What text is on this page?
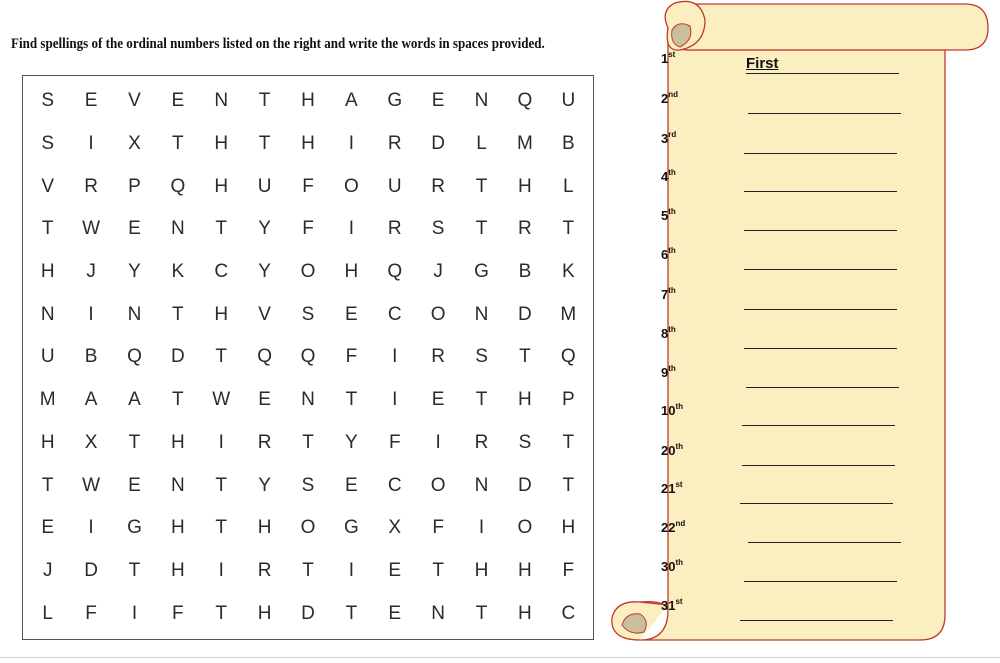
Find spellings of the ordinal numbers listed on the right and write the words in spaces provided.
S	E	V	E	N	T	H	A	G	E	N	Q	U
S	I	X	T	H	T	H	I	R	D	L	M	B
V	R	P	Q	H	U	F	O	U	R	T	H	L
T	W	E	N	T	Y	F	I	R	S	T	R	T
H	J	Y	K	C	Y	O	H	Q	J	G	B	K
N	I	N	T	H	V	S	E	C	O	N	D	M
U	B	Q	D	T	Q	Q	F	I	R	S	T	Q
M	A	A	T	W	E	N	T	I	E	T	H	P
H	X	T	H	I	R	T	Y	F	I	R	S	T
T	W	E	N	T	Y	S	E	C	O	N	D	T
E	I	G	H	T	H	O	G	X	F	I	O	H
J	D	T	H	I	R	T	I	E	T	H	H	F
L	F	I	F	T	H	D	T	E	N	T	H	C
1st
First
2nd
3rd
4th
5th
6th
7th
8th
9th
10th
20th
21st
22nd
30th
31st
